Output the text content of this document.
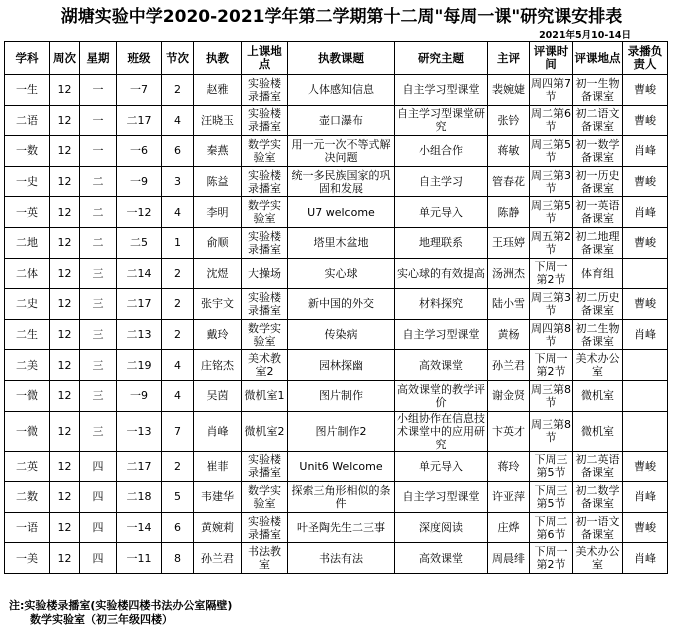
湖塘实验中学2020-2021学年第二学期第十二周"每周一课"研究课安排表
2021年5月10-14日
学科	周次	星期	班级	节次	执教	上课地点	执教课题	研究主题	主评	评课时间	评课地点	录播负责人
一生	12	一	一7	2	赵雅	实验楼录播室	人体感知信息	自主学习型课堂	裴婉婕	周四第7节	初一生物备课室	曹峻
二语	12	一	二17	4	汪晓玉	实验楼录播室	壶口瀑布	自主学习型课堂研究	张钤	周二第6节	初二语文备课室	曹峻
一数	12	一	一6	6	秦燕	数学实验室	用一元一次不等式解决问题	小组合作	蒋敏	周三第5节	初一数学备课室	肖峰
一史	12	二	一9	3	陈益	实验楼录播室	统一多民族国家的巩固和发展	自主学习	管春花	周三第3节	初一历史备课室	曹峻
一英	12	二	一12	4	李明	数学实验室	U7 welcome	单元导入	陈静	周三第5节	初一英语备课室	肖峰
二地	12	二	二5	1	俞顺	实验楼录播室	塔里木盆地	地理联系	王珏婷	周五第2节	初二地理备课室	曹峻
二体	12	三	二14	2	沈煜	大操场	实心球	实心球的有效提高	汤洲杰	下周一第2节	体育组	
二史	12	三	二17	2	张宇文	实验楼录播室	新中国的外交	材料探究	陆小雪	周三第3节	初二历史备课室	曹峻
二生	12	三	二13	2	戴玲	数学实验室	传染病	自主学习型课堂	黄杨	周四第8节	初二生物备课室	肖峰
二美	12	三	二19	4	庄铭杰	美术教室2	园林探幽	高效课堂	孙兰君	下周一第2节	美术办公室	
一微	12	三	一9	4	吴茵	微机室1	图片制作	高效课堂的教学评价	谢金贤	周三第8节	微机室	
一微	12	三	一13	7	肖峰	微机室2	图片制作2	小组协作在信息技术课堂中的应用研究	卞英才	周三第8节	微机室	
二英	12	四	二17	2	崔菲	实验楼录播室	Unit6 Welcome	单元导入	蒋玲	下周三第5节	初二英语备课室	曹峻
二数	12	四	二18	5	韦建华	数学实验室	探索三角形相似的条件	自主学习型课堂	许亚萍	下周三第5节	初二数学备课室	肖峰
一语	12	四	一14	6	黄婉莉	实验楼录播室	叶圣陶先生二三事	深度阅读	庄烨	下周二第6节	初一语文备课室	曹峻
一美	12	四	一11	8	孙兰君	书法教室	书法有法	高效课堂	周晨绯	下周一第2节	美术办公室	肖峰
注:实验楼录播室(实验楼四楼书法办公室隔壁)
数学实验室（初三年级四楼）
